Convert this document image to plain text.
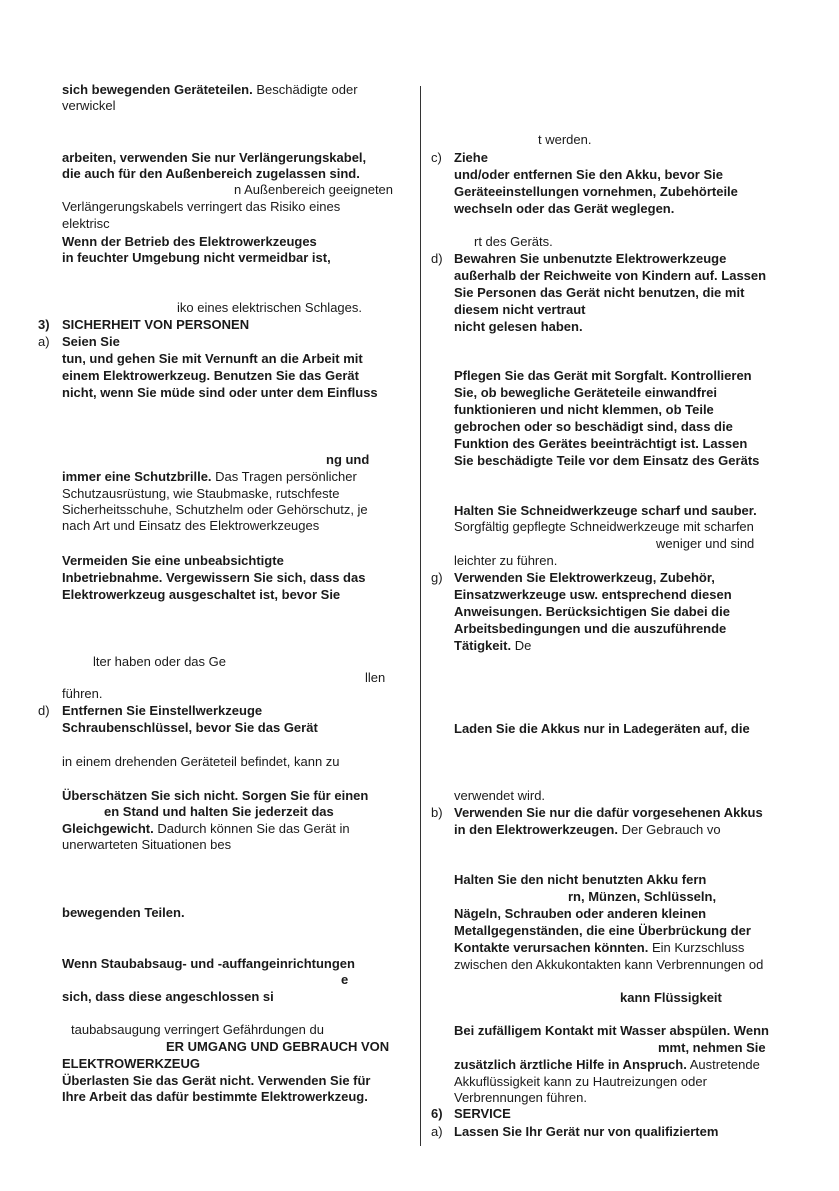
sich bewegenden Geräteteilen. Beschädigte oder
verwickel
arbeiten, verwenden Sie nur Verlängerungskabel,
die auch für den Außenbereich zugelassen sind.
n Außenbereich geeigneten
Verlängerungskabels verringert das Risiko eines
elektrisc
Wenn der Betrieb des Elektrowerkzeuges
in feuchter Umgebung nicht vermeidbar ist,
iko eines elektrischen Schlages.
3) SICHERHEIT VON PERSONEN
a) Seien Sie
tun, und gehen Sie mit Vernunft an die Arbeit mit
einem Elektrowerkzeug. Benutzen Sie das Gerät
nicht, wenn Sie müde sind oder unter dem Einfluss
ng und
immer eine Schutzbrille. Das Tragen persönlicher
Schutzausrüstung, wie Staubmaske, rutschfeste
Sicherheitsschuhe, Schutzhelm oder Gehörschutz, je
nach Art und Einsatz des Elektrowerkzeuges
Vermeiden Sie eine unbeabsichtigte
Inbetriebnahme. Vergewissern Sie sich, dass das
Elektrowerkzeug ausgeschaltet ist, bevor Sie
lter haben oder das Ge
llen
führen.
d) Entfernen Sie Einstellwerkzeuge
Schraubenschlüssel, bevor Sie das Gerät
in einem drehenden Geräteteil befindet, kann zu
Überschätzen Sie sich nicht. Sorgen Sie für einen
en Stand und halten Sie jederzeit das
Gleichgewicht. Dadurch können Sie das Gerät in
unerwarteten Situationen bes
bewegenden Teilen.
Wenn Staubabsaug- und -auffangeinrichtungen
e
sich, dass diese angeschlossen si
taubabsaugung verringert Gefährdungen du
ER UMGANG UND GEBRAUCH VON
ELEKTROWERKZEUG
Überlasten Sie das Gerät nicht. Verwenden Sie für
Ihre Arbeit das dafür bestimmte Elektrowerkzeug.
t werden.
c) Ziehe
und/oder entfernen Sie den Akku, bevor Sie
Geräteeinstellungen vornehmen, Zubehörteile
wechseln oder das Gerät weglegen.
rt des Geräts.
d) Bewahren Sie unbenutzte Elektrowerkzeuge
außerhalb der Reichweite von Kindern auf. Lassen
Sie Personen das Gerät nicht benutzen, die mit
diesem nicht vertraut
nicht gelesen haben.
Pflegen Sie das Gerät mit Sorgfalt. Kontrollieren
Sie, ob bewegliche Geräteteile einwandfrei
funktionieren und nicht klemmen, ob Teile
gebrochen oder so beschädigt sind, dass die
Funktion des Gerätes beeinträchtigt ist. Lassen
Sie beschädigte Teile vor dem Einsatz des Geräts
Halten Sie Schneidwerkzeuge scharf und sauber.
Sorgfältig gepflegte Schneidwerkzeuge mit scharfen
weniger und sind
leichter zu führen.
g) Verwenden Sie Elektrowerkzeug, Zubehör,
Einsatzwerkzeuge usw. entsprechend diesen
Anweisungen. Berücksichtigen Sie dabei die
Arbeitsbedingungen und die auszuführende
Tätigkeit. De
Laden Sie die Akkus nur in Ladegeräten auf, die
verwendet wird.
b) Verwenden Sie nur die dafür vorgesehenen Akkus
in den Elektrowerkzeugen. Der Gebrauch vo
Halten Sie den nicht benutzten Akku fern
rn, Münzen, Schlüsseln,
Nägeln, Schrauben oder anderen kleinen
Metallgegenständen, die eine Überbrückung der
Kontakte verursachen könnten. Ein Kurzschluss
zwischen den Akkukontakten kann Verbrennungen od
kann Flüssigkeit
Bei zufälligem Kontakt mit Wasser abspülen. Wenn
mmt, nehmen Sie
zusätzlich ärztliche Hilfe in Anspruch. Austretende
Akkuflüssigkeit kann zu Hautreizungen oder
Verbrennungen führen.
6) SERVICE
a) Lassen Sie Ihr Gerät nur von qualifiziertem
